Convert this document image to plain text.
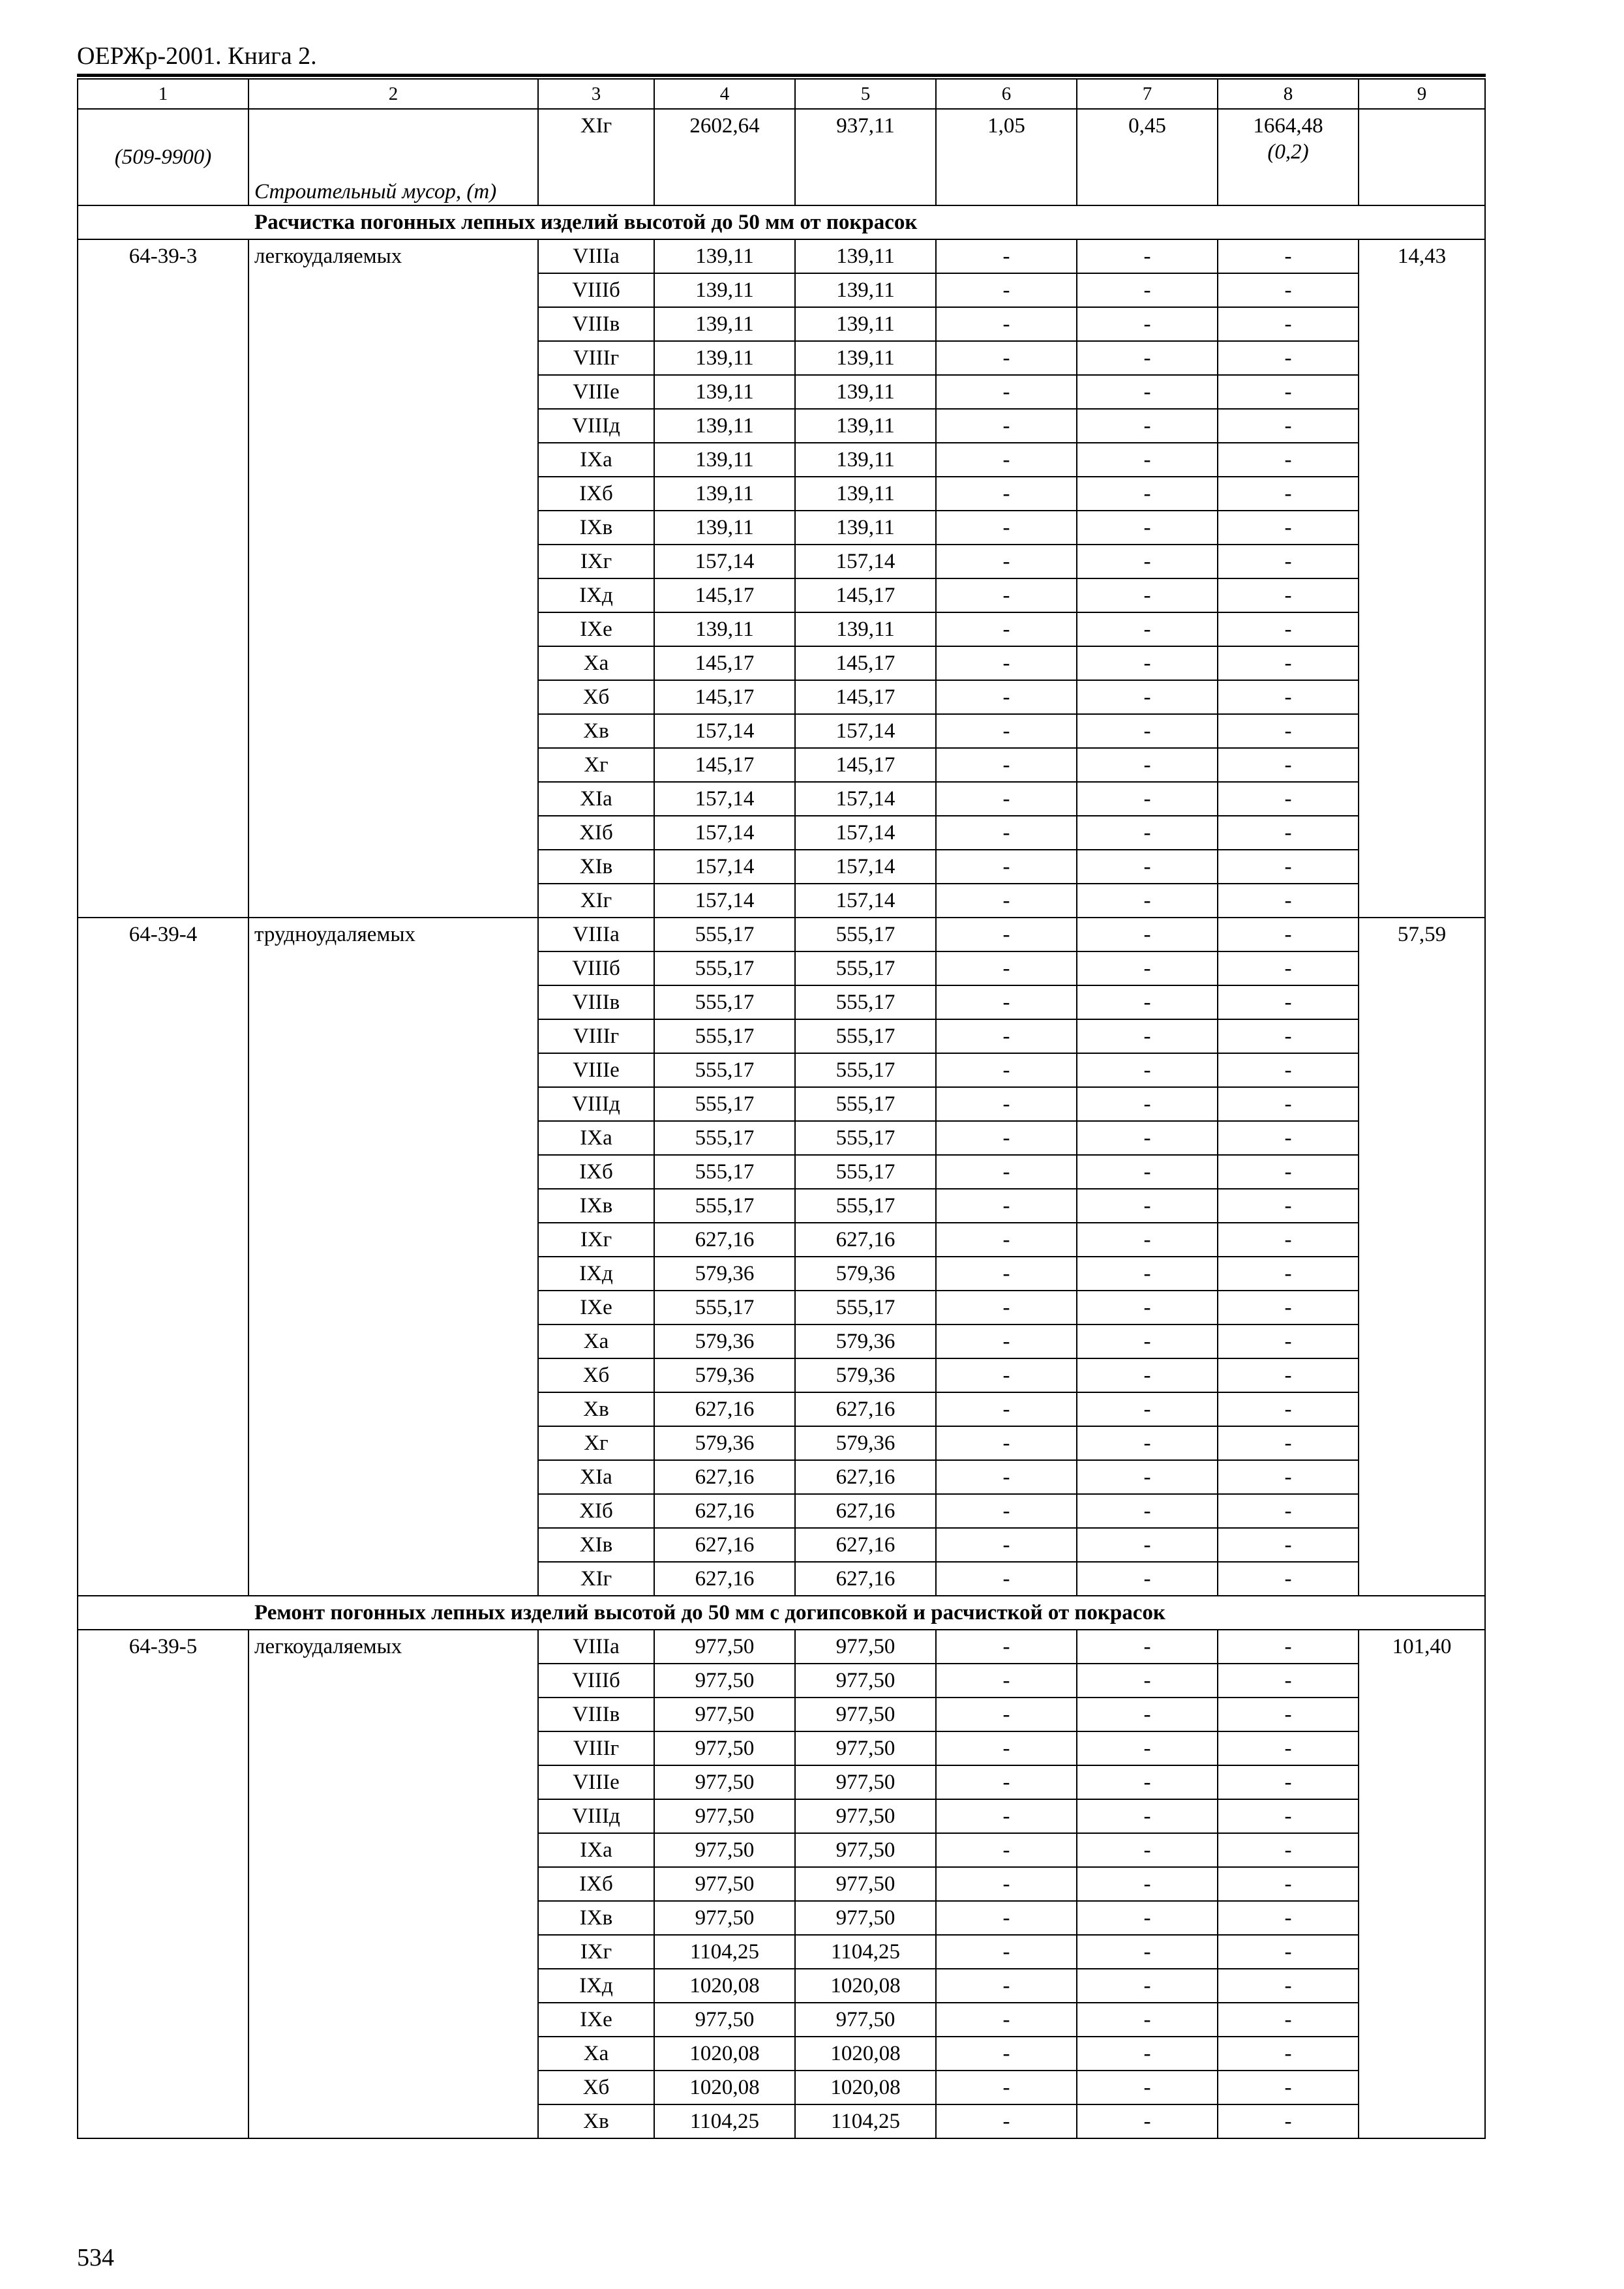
ОЕРЖр-2001. Книга 2.
1	2	3	4	5	6	7	8	9
(509-9900)	Строительный мусор, (т)	XIг	2602,64	937,11	1,05	0,45	1664,48
(0,2)	

Расчистка погонных лепных изделий высотой до 50 мм от покрасок								
64-39-3	легкоудаляемых	VIIIа	139,11	139,11	-	-	-	14,43
		VIIIб	139,11	139,11	-	-	-	
		VIIIв	139,11	139,11	-	-	-	
		VIIIг	139,11	139,11	-	-	-	
		VIIIе	139,11	139,11	-	-	-	
		VIIIд	139,11	139,11	-	-	-	
		IXа	139,11	139,11	-	-	-	
		IXб	139,11	139,11	-	-	-	
		IXв	139,11	139,11	-	-	-	
		IXг	157,14	157,14	-	-	-	
		IXд	145,17	145,17	-	-	-	
		IXе	139,11	139,11	-	-	-	
		Xа	145,17	145,17	-	-	-	
		Xб	145,17	145,17	-	-	-	
		Xв	157,14	157,14	-	-	-	
		Xг	145,17	145,17	-	-	-	
		XIа	157,14	157,14	-	-	-	
		XIб	157,14	157,14	-	-	-	
		XIв	157,14	157,14	-	-	-	
		XIг	157,14	157,14	-	-	-	
64-39-4	трудноудаляемых	VIIIа	555,17	555,17	-	-	-	57,59
		VIIIб	555,17	555,17	-	-	-	
		VIIIв	555,17	555,17	-	-	-	
		VIIIг	555,17	555,17	-	-	-	
		VIIIе	555,17	555,17	-	-	-	
		VIIIд	555,17	555,17	-	-	-	
		IXа	555,17	555,17	-	-	-	
		IXб	555,17	555,17	-	-	-	
		IXв	555,17	555,17	-	-	-	
		IXг	627,16	627,16	-	-	-	
		IXд	579,36	579,36	-	-	-	
		IXе	555,17	555,17	-	-	-	
		Xа	579,36	579,36	-	-	-	
		Xб	579,36	579,36	-	-	-	
		Xв	627,16	627,16	-	-	-	
		Xг	579,36	579,36	-	-	-	
		XIа	627,16	627,16	-	-	-	
		XIб	627,16	627,16	-	-	-	
		XIв	627,16	627,16	-	-	-	
		XIг	627,16	627,16	-	-	-	
Ремонт погонных лепных изделий высотой до 50 мм с догипсовкой и расчисткой от покрасок								
64-39-5	легкоудаляемых	VIIIа	977,50	977,50	-	-	-	101,40
		VIIIб	977,50	977,50	-	-	-	
		VIIIв	977,50	977,50	-	-	-	
		VIIIг	977,50	977,50	-	-	-	
		VIIIе	977,50	977,50	-	-	-	
		VIIIд	977,50	977,50	-	-	-	
		IXа	977,50	977,50	-	-	-	
		IXб	977,50	977,50	-	-	-	
		IXв	977,50	977,50	-	-	-	
		IXг	1104,25	1104,25	-	-	-	
		IXд	1020,08	1020,08	-	-	-	
		IXе	977,50	977,50	-	-	-	
		Xа	1020,08	1020,08	-	-	-	
		Xб	1020,08	1020,08	-	-	-	
		Xв	1104,25	1104,25	-	-	-	
534
